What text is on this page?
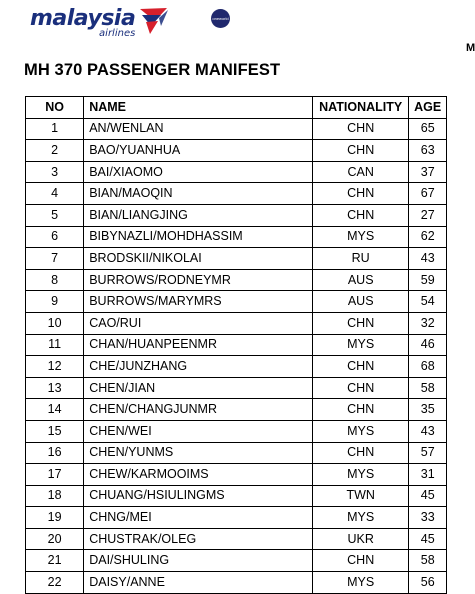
malaysia
airlines
oneworld
M
MH 370 PASSENGER MANIFEST
NO	NAME	NATIONALITY	AGE
1	AN/WENLAN	CHN	65
2	BAO/YUANHUA	CHN	63
3	BAI/XIAOMO	CAN	37
4	BIAN/MAOQIN	CHN	67
5	BIAN/LIANGJING	CHN	27
6	BIBYNAZLI/MOHDHASSIM	MYS	62
7	BRODSKII/NIKOLAI	RU	43
8	BURROWS/RODNEYMR	AUS	59
9	BURROWS/MARYMRS	AUS	54
10	CAO/RUI	CHN	32
11	CHAN/HUANPEENMR	MYS	46
12	CHE/JUNZHANG	CHN	68
13	CHEN/JIAN	CHN	58
14	CHEN/CHANGJUNMR	CHN	35
15	CHEN/WEI	MYS	43
16	CHEN/YUNMS	CHN	57
17	CHEW/KARMOOIMS	MYS	31
18	CHUANG/HSIULINGMS	TWN	45
19	CHNG/MEI	MYS	33
20	CHUSTRAK/OLEG	UKR	45
21	DAI/SHULING	CHN	58
22	DAISY/ANNE	MYS	56
